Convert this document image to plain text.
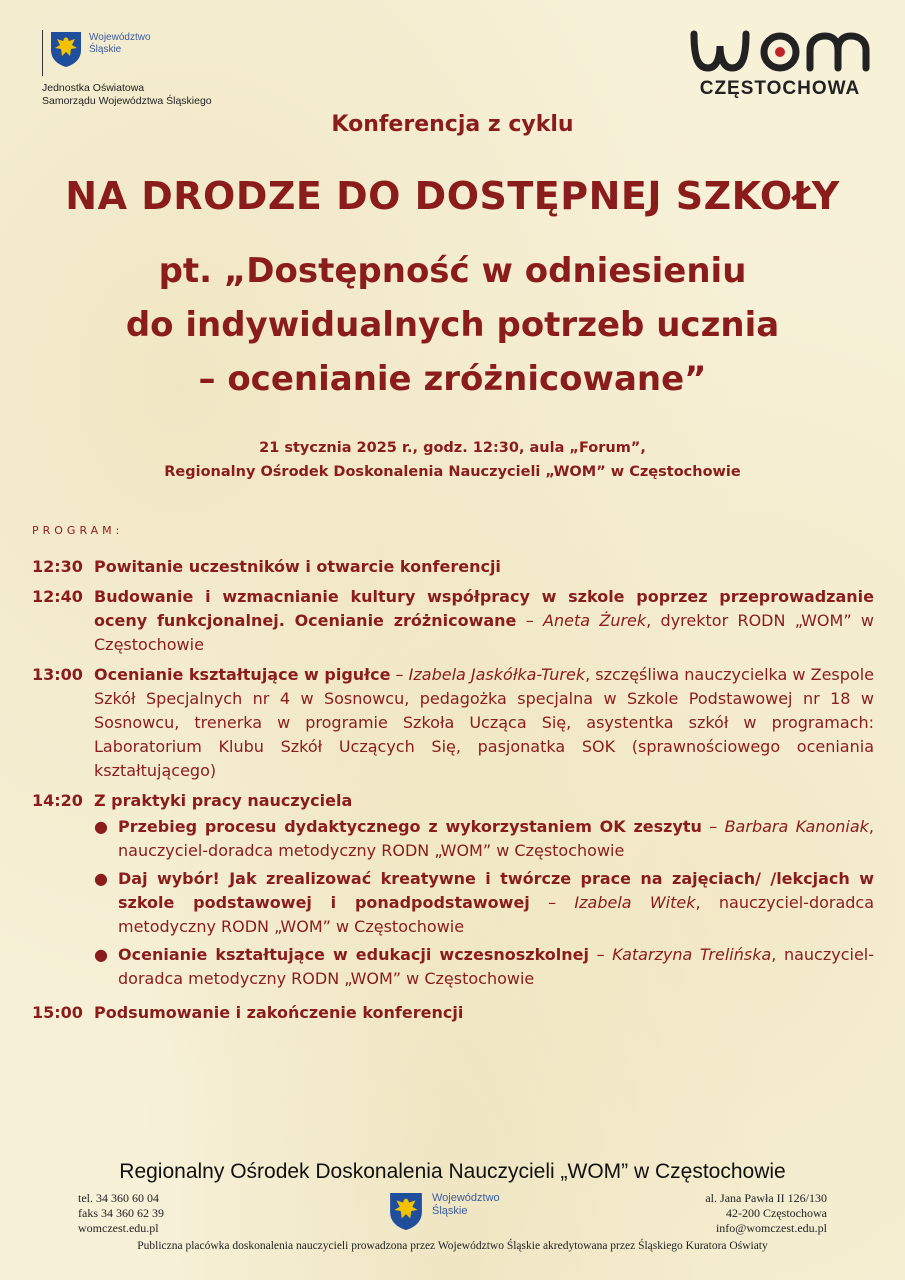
Województwo
Śląskie
Jednostka Oświatowa
Samorządu Województwa Śląskiego
CZĘSTOCHOWA
Konferencja z cyklu
NA DRODZE DO DOSTĘPNEJ SZKOŁY
pt. „Dostępność w odniesieniu
do indywidualnych potrzeb ucznia
– ocenianie zróżnicowane”
21 stycznia 2025 r., godz. 12:30, aula „Forum”,
Regionalny Ośrodek Doskonalenia Nauczycieli „WOM” w Częstochowie
PROGRAM:
12:30 Powitanie uczestników i otwarcie konferencji
12:40 Budowanie i wzmacnianie kultury współpracy w szkole poprzez przeprowadzanie oceny funkcjonalnej. Ocenianie zróżnicowane – Aneta Żurek, dyrektor RODN „WOM” w Częstochowie
13:00 Ocenianie kształtujące w pigułce – Izabela Jaskółka-Turek, szczęśliwa nauczycielka w Zespole Szkół Specjalnych nr 4 w Sosnowcu, pedagożka specjalna w Szkole Podstawowej nr 18 w Sosnowcu, trenerka w programie Szkoła Ucząca Się, asystentka szkół w programach: Laboratorium Klubu Szkół Uczących Się, pasjonatka SOK (sprawnościowego oceniania kształtującego)
14:20 Z praktyki pracy nauczyciela
● Przebieg procesu dydaktycznego z wykorzystaniem OK zeszytu – Barbara Kanoniak, nauczyciel-doradca metodyczny RODN „WOM” w Częstochowie
● Daj wybór! Jak zrealizować kreatywne i twórcze prace na zajęciach/ /lekcjach w szkole podstawowej i ponadpodstawowej – Izabela Witek, nauczyciel-doradca metodyczny RODN „WOM” w Częstochowie
● Ocenianie kształtujące w edukacji wczesnoszkolnej – Katarzyna Trelińska, nauczyciel-doradca metodyczny RODN „WOM” w Częstochowie
15:00 Podsumowanie i zakończenie konferencji
Regionalny Ośrodek Doskonalenia Nauczycieli „WOM” w Częstochowie
tel. 34 360 60 04
faks 34 360 62 39
womczest.edu.pl
Województwo
Śląskie
al. Jana Pawła II 126/130
42-200 Częstochowa
info@womczest.edu.pl
Publiczna placówka doskonalenia nauczycieli prowadzona przez Województwo Śląskie akredytowana przez Śląskiego Kuratora Oświaty
